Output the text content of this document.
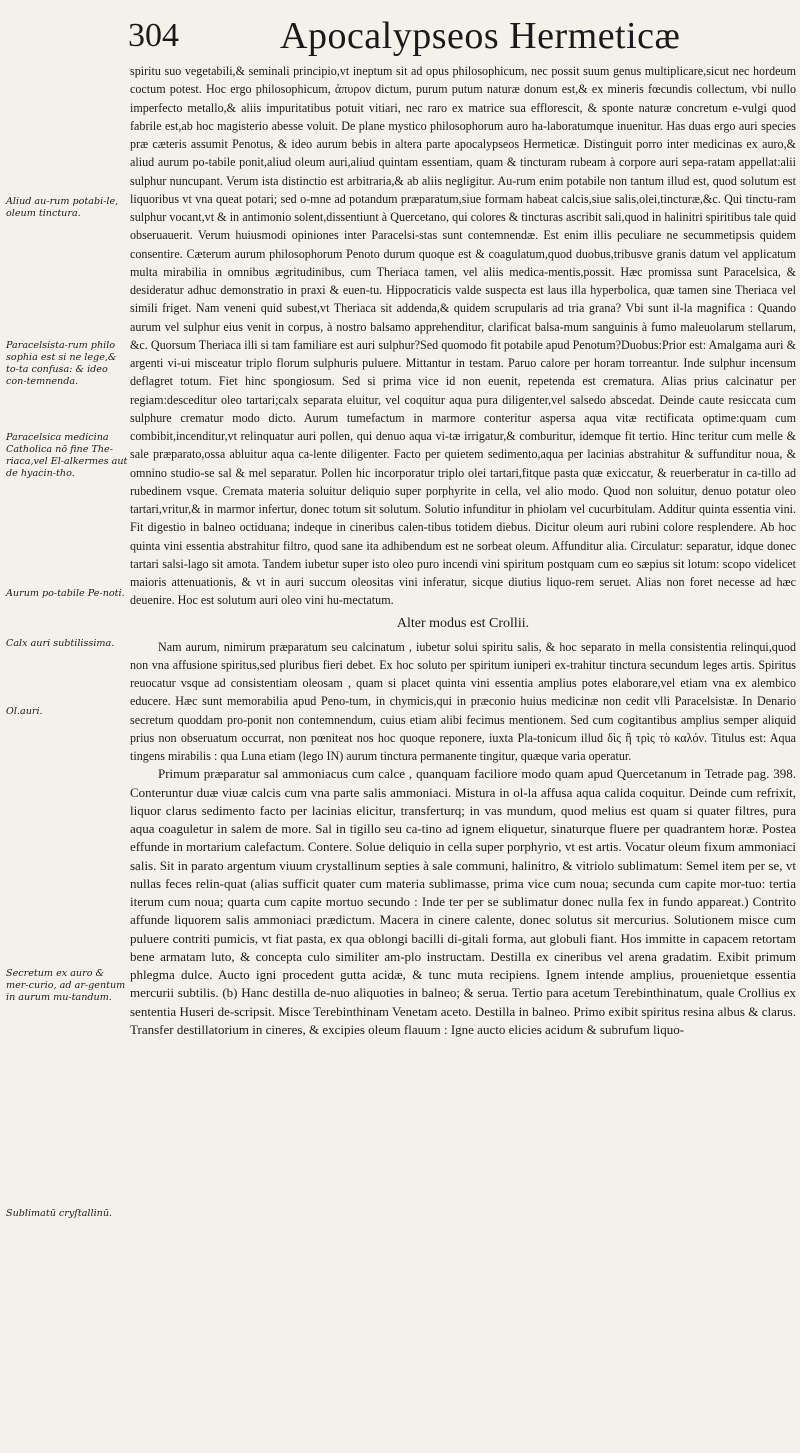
304	Apocalypseos Hermeticæ
Aliud au-rum potabi-le, oleum tinctura.
Paracelsista-rum philo sophia est si ne lege,& to-ta confusa: & ideo con-temnenda.
Paracelsica medicina Catholica nō fine The-riaca,vel El-alkermes aut de hyacin-tho.
Aurum po-tabile Pe-noti.
Calx auri subtilissima.
Ol.auri.
Secretum ex auro & mer-curio, ad ar-gentum in aurum mu-tandum.
Sublimatū cryſtallinū.

spiritu suo vegetabili,& seminali principio,vt ineptum sit ad opus philosophicum, nec possit suum genus multiplicare,sicut nec hordeum coctum potest. Hoc ergo philosophicum, ἀπυρον dictum, purum putum naturæ donum est,& ex mineris fœcundis collectum, vbi nullo imperfecto metallo,& aliis impuritatibus potuit vitiari, nec raro ex matrice sua efflorescit, & sponte naturæ concretum e-vulgi quod fabrile est,ab hoc magisterio abesse voluit. De plane mystico philosophorum auro ha-laboratumque inuenitur. Has duas ergo auri species præ cæteris assumit Penotus, & ideo aurum bebis in altera parte apocalypseos Hermeticæ. Distinguit porro inter medicinas ex auro,& aliud aurum po-tabile ponit,aliud oleum auri,aliud quintam essentiam, quam & tincturam rubeam à corpore auri sepa-ratam appellat:alii sulphur nuncupant. Verum ista distinctio est arbitraria,& ab aliis negligitur. Au-rum enim potabile non tantum illud est, quod solutum est liquoribus vt vna queat potari; sed o-mne ad potandum præparatum,siue formam habeat calcis,siue salis,olei,tincturæ,&c. Qui tinctu-ram sulphur vocant,vt & in antimonio solent,dissentiunt à Quercetano, qui colores & tincturas ascribit sali,quod in halinitri spiritibus tale quid obseruauerit. Verum huiusmodi opiniones inter Paracelsi-stas sunt contemnendæ. Est enim illis peculiare ne secummetipsis quidem consentire. Cæterum aurum philosophorum Penoto durum quoque est & coagulatum,quod duobus,tribusve granis datum vel applicatum multa mirabilia in omnibus ægritudinibus, cum Theriaca tamen, vel aliis medica-mentis,possit. Hæc promissa sunt Paracelsica, & desideratur adhuc demonstratio in praxi & euen-tu. Hippocraticis valde suspecta est laus illa hyperbolica, quæ tamen sine Theriaca vel simili friget. Nam veneni quid subest,vt Theriaca sit addenda,& quidem scrupularis ad tria grana? Vbi sunt il-la magnifica : Quando aurum vel sulphur eius venit in corpus, à nostro balsamo apprehenditur, clarificat balsa-mum sanguinis à fumo maleuolarum stellarum, &c. Quorsum Theriaca illi si tam familiare est auri sulphur?Sed quomodo fit potabile apud Penotum?Duobus:Prior est: Amalgama auri & argenti vi-ui misceatur triplo florum sulphuris puluere. Mittantur in testam. Paruo calore per horam torreantur. Inde sulphur incensum deflagret totum. Fiet hinc spongiosum. Sed si prima vice id non euenit, repetenda est crematura. Alias prius calcinatur per regiam:desceditur oleo tartari;calx separata eluitur, vel coquitur aqua pura diligenter,vel salsedo abscedat. Deinde caute resiccata cum sulphure crematur modo dicto. Aurum tumefactum in marmore conteritur aspersa aqua vitæ rectificata optime:quam cum combibit,incenditur,vt relinquatur auri pollen, qui denuo aqua vi-tæ irrigatur,& comburitur, idemque fit tertio. Hinc teritur cum melle & sale præparato,ossa abluitur aqua ca-lente diligenter. Facto per quietem sedimento,aqua per lacinias abstrahitur & suffunditur noua, & omnino studio-se sal & mel separatur. Pollen hic incorporatur triplo olei tartari,fitque pasta quæ exiccatur, & reuerberatur in ca-tillo ad rubedinem vsque. Cremata materia soluitur deliquio super porphyrite in cella, vel alio modo. Quod non soluitur, denuo potatur oleo tartari,vritur,& in marmor infertur, donec totum sit solutum. Solutio infunditur in phiolam vel cucurbitulam. Additur quinta essentia vini. Fit digestio in balneo octiduana; indeque in cineribus calen-tibus totidem diebus. Dicitur oleum auri rubini colore resplendere. Ab hoc quinta vini essentia abstrahitur filtro, quod sane ita adhibendum est ne sorbeat oleum. Affunditur alia. Circulatur: separatur, idque donec tartari salsi-lago sit amota. Tandem iubetur super isto oleo puro incendi vini spiritum postquam cum eo sæpius sit lotum: scopo videlicet maioris attenuationis, & vt in auri succum oleositas vini inferatur, sicque diutius liquo-rem seruet. Alias non foret necesse ad hæc deuenire. Hoc est solutum auri oleo vini hu-mectatum.

Alter modus est Crollii.

Nam aurum, nimirum præparatum seu calcinatum , iubetur solui spiritu salis, & hoc separato in mella consistentia relinqui,quod non vna affusione spiritus,sed pluribus fieri debet. Ex hoc soluto per spiritum iuniperi ex-trahitur tinctura secundum leges artis. Spiritus reuocatur vsque ad consistentiam oleosam , quam si placet quinta vini essentia amplius potes elaborare,vel etiam vna ex alembico educere. Hæc sunt memorabilia apud Peno-tum, in chymicis,qui in præconio huius medicinæ non cedit vlli Paracelsistæ. In Denario secretum quoddam pro-ponit non contemnendum, cuius etiam alibi fecimus mentionem. Sed cum cogitantibus amplius semper aliquid prius non obseruatum occurrat, non pœniteat nos hoc quoque reponere, iuxta Pla-tonicum illud δὶς ἢ τρὶς τὸ καλόν. Titulus est: Aqua tingens mirabilis : qua Luna etiam (lego IN) aurum tinctura permanente tingitur, quæque varia operatur.

Primum præparatur sal ammoniacus cum calce , quanquam faciliore modo quam apud Quercetanum in Tetrade pag. 398. Conteruntur duæ viuæ calcis cum vna parte salis ammoniaci. Mistura in ol-la affusa aqua calida coquitur. Deinde cum refrixit, liquor clarus sedimento facto per lacinias elicitur, transferturq; in vas mundum, quod melius est quam si quater filtres, pura aqua coaguletur in salem de more. Sal in tigillo seu ca-tino ad ignem eliquetur, sinaturque fluere per quadrantem horæ. Postea effunde in mortarium calefactum. Contere. Solue deliquio in cella super porphyrio, vt est artis. Vocatur oleum fixum ammoniaci salis. Sit in parato argentum viuum crystallinum septies à sale communi, halinitro, & vitriolo sublimatum: Semel item per se, vt nullas feces relin-quat (alias sufficit quater cum materia sublimasse, prima vice cum noua; secunda cum capite mor-tuo: tertia iterum cum noua; quarta cum capite mortuo secundo : Inde ter per se sublimatur donec nulla fex in fundo appareat.) Contrito affunde liquorem salis ammoniaci prædictum. Macera in cinere calente, donec solutus sit mercurius. Solutionem misce cum puluere contriti pumicis, vt fiat pasta, ex qua oblongi bacilli di-gitali forma, aut globuli fiant. Hos immitte in capacem retortam bene armatam luto, & concepta culo similiter am-plo instructam. Destilla ex cineribus vel arena gradatim. Exibit primum phlegma dulce. Aucto igni procedent gutta acidæ, & tunc muta recipiens. Ignem intende amplius, prouenietque essentia mercurii subtilis. (b) Hanc destilla de-nuo aliquoties in balneo; & serua. Tertio para acetum Terebinthinatum, quale Crollius ex sententia Huseri de-scripsit. Misce Terebinthinam Venetam aceto. Destilla in balneo. Primo exibit spiritus resina albus & clarus. Transfer destillatorium in cineres, & excipies oleum flauum : Igne aucto elicies acidum & subrufum liquo-
